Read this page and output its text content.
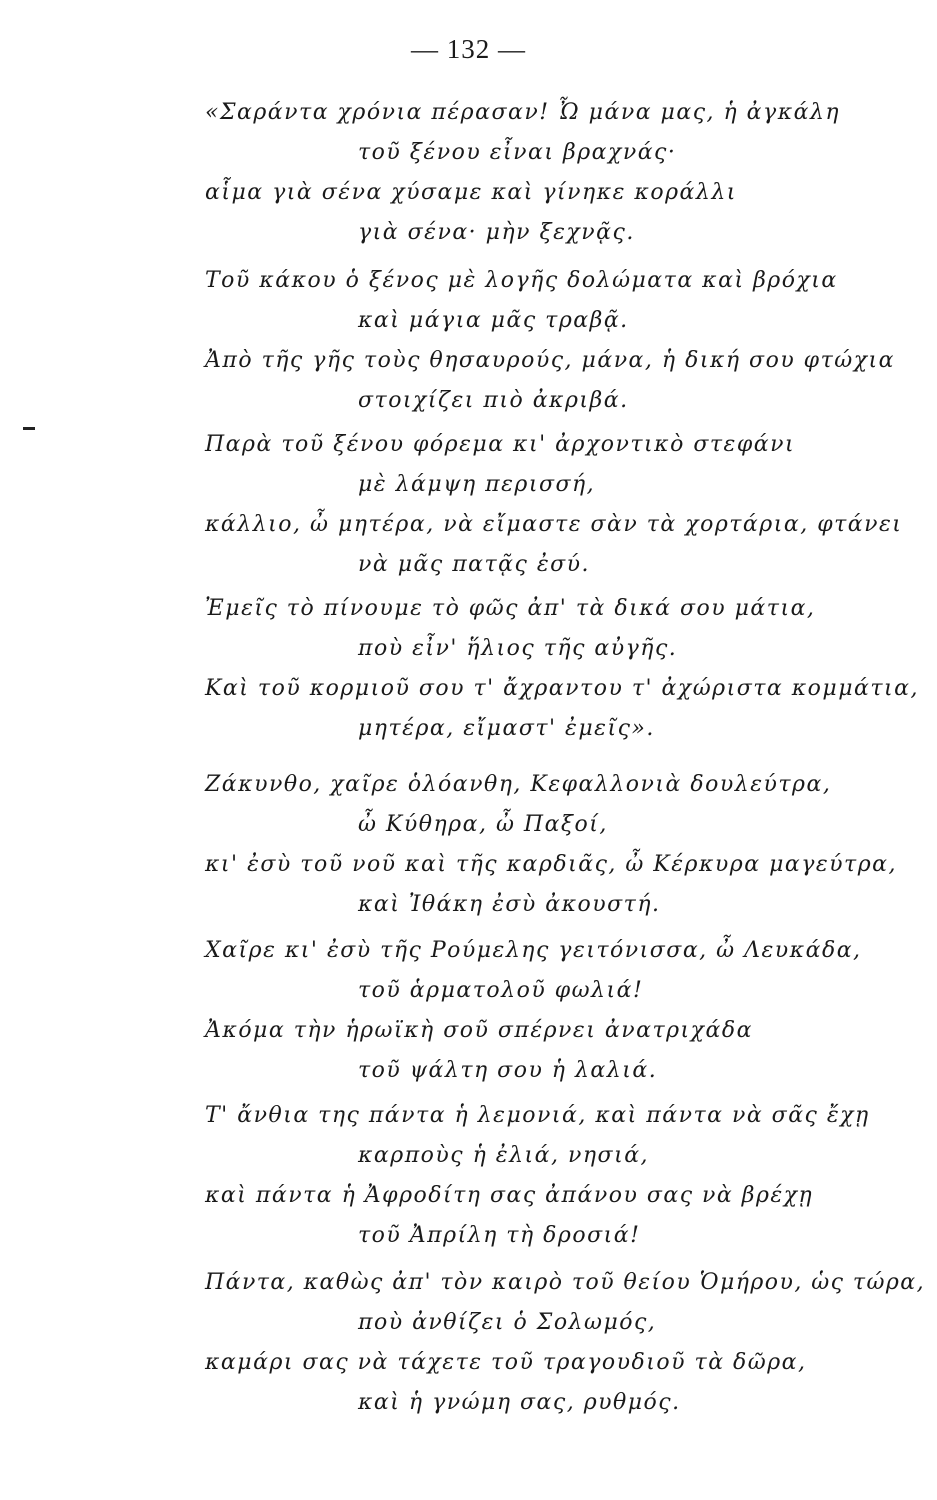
— 132 —
«Σαράντα χρόνια πέρασαν! Ὦ μάνα μας, ἡ ἀγκάλη
τοῦ ξένου εἶναι βραχνάς·
αἷμα γιὰ σένα χύσαμε καὶ γίνηκε κοράλλι
γιὰ σένα· μὴν ξεχνᾷς.
Τοῦ κάκου ὁ ξένος μὲ λογῆς δολώματα καὶ βρόχια
καὶ μάγια μᾶς τραβᾷ.
Ἀπὸ τῆς γῆς τοὺς θησαυρούς, μάνα, ἡ δική σου φτώχια
στοιχίζει πιὸ ἀκριβά.
Παρὰ τοῦ ξένου φόρεμα κι' ἀρχοντικὸ στεφάνι
μὲ λάμψη περισσή,
κάλλιο, ὦ μητέρα, νὰ εἴμαστε σὰν τὰ χορτάρια, φτάνει
νὰ μᾶς πατᾷς ἐσύ.
Ἐμεῖς τὸ πίνουμε τὸ φῶς ἀπ' τὰ δικά σου μάτια,
ποὺ εἶν' ἥλιος τῆς αὐγῆς.
Καὶ τοῦ κορμιοῦ σου τ' ἄχραντου τ' ἀχώριστα κομμάτια,
μητέρα, εἴμαστ' ἐμεῖς».
Ζάκυνθο, χαῖρε ὁλόανθη, Κεφαλλονιὰ δουλεύτρα,
ὦ Κύθηρα, ὦ Παξοί,
κι' ἐσὺ τοῦ νοῦ καὶ τῆς καρδιᾶς, ὦ Κέρκυρα μαγεύτρα,
καὶ Ἰθάκη ἐσὺ ἀκουστή.
Χαῖρε κι' ἐσὺ τῆς Ρούμελης γειτόνισσα, ὦ Λευκάδα,
τοῦ ἁρματολοῦ φωλιά!
Ἀκόμα τὴν ἡρωϊκὴ σοῦ σπέρνει ἀνατριχάδα
τοῦ ψάλτη σου ἡ λαλιά.
Τ' ἄνθια της πάντα ἡ λεμονιά, καὶ πάντα νὰ σᾶς ἔχῃ
καρποὺς ἡ ἐλιά, νησιά,
καὶ πάντα ἡ Ἀφροδίτη σας ἀπάνου σας νὰ βρέχῃ
τοῦ Ἀπρίλη τὴ δροσιά!
Πάντα, καθὼς ἀπ' τὸν καιρὸ τοῦ θείου Ὁμήρου, ὡς τώρα,
ποὺ ἀνθίζει ὁ Σολωμός,
καμάρι σας νὰ τάχετε τοῦ τραγουδιοῦ τὰ δῶρα,
καὶ ἡ γνώμη σας, ρυθμός.
